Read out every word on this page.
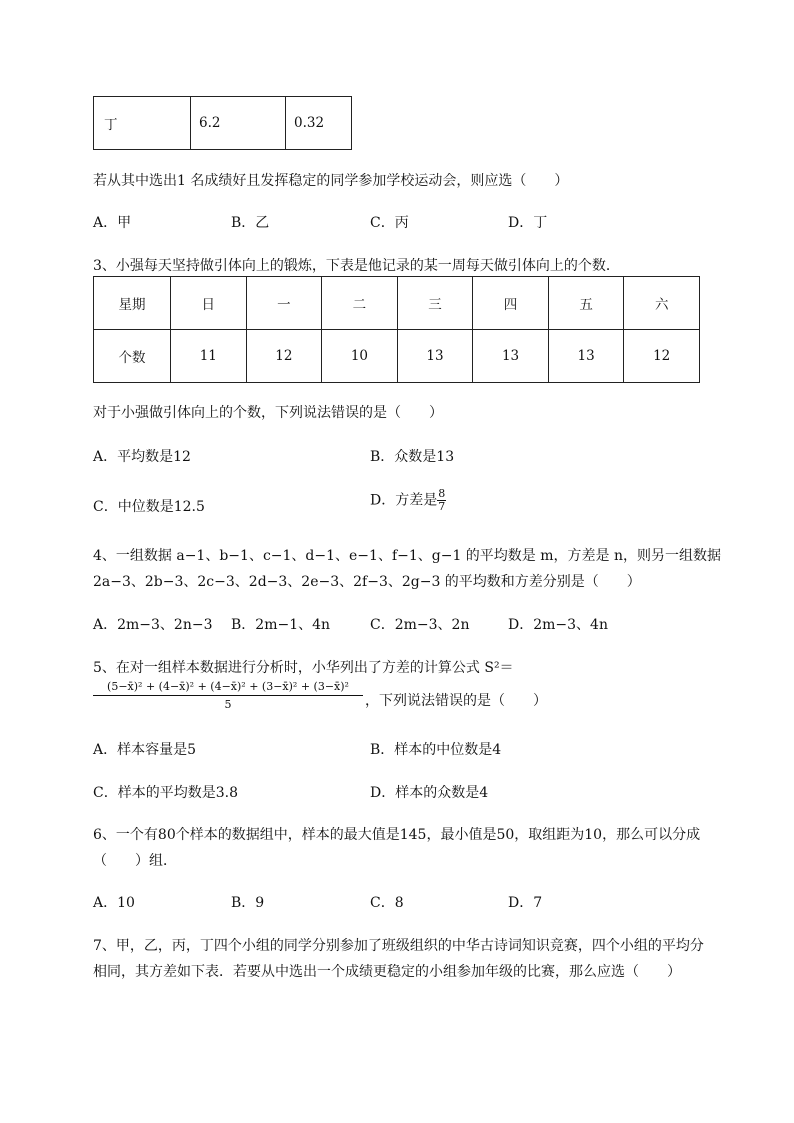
丁	6.2	0.32
若从其中选出1 名成绩好且发挥稳定的同学参加学校运动会，则应选（　　）
A．甲	B．乙	C．丙	D．丁
3、小强每天坚持做引体向上的锻炼，下表是他记录的某一周每天做引体向上的个数．
星期	日	一	二	三	四	五	六
个数	11	12	10	13	13	13	12
对于小强做引体向上的个数，下列说法错误的是（　　）
A．平均数是12	B．众数是13
C．中位数是12.5	D．方差是 $\frac{8}{7}$
4、一组数据 a−1、b−1、c−1、d−1、e−1、f−1、g−1 的平均数是 m，方差是 n，则另一组数据
2a−3、2b−3、2c−3、2d−3、2e−3、2f−3、2g−3 的平均数和方差分别是（　　）
A．2m−3、2n−3 B．2m−1、4n	C．2m−3、2n	D．2m−3、4n
5、在对一组样本数据进行分析时，小华列出了方差的计算公式 S²＝
$\frac{\text{(5−x̄)² + (4−x̄)² + (4−x̄)² + (3−x̄)² + (3−x̄)²}}{5}$ ，下列说法错误的是（　　）
A．样本容量是5	B．样本的中位数是4
C．样本的平均数是3.8	D．样本的众数是4
6、一个有80个样本的数据组中，样本的最大值是145，最小值是50，取组距为10，那么可以分成
（　　）组．
A．10	B．9	C．8	D．7
7、甲，乙，丙，丁四个小组的同学分别参加了班级组织的中华古诗词知识竞赛，四个小组的平均分
相同，其方差如下表．若要从中选出一个成绩更稳定的小组参加年级的比赛，那么应选（　　）
